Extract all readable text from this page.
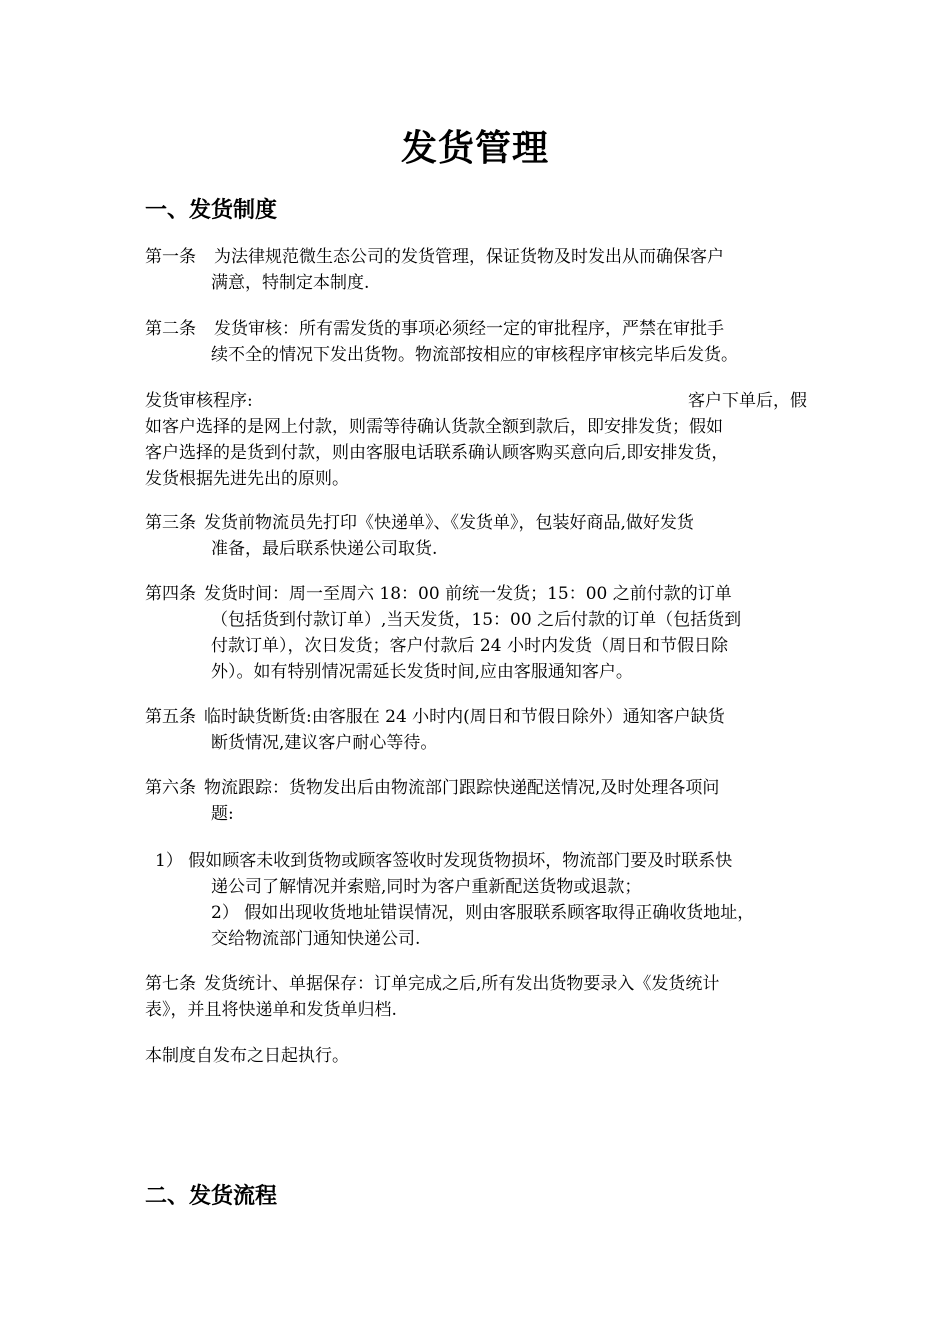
发货管理
一、发货制度
第一条 为法律规范微生态公司的发货管理，保证货物及时发出从而确保客户
满意，特制定本制度.
第二条 发货审核：所有需发货的事项必须经一定的审批程序，严禁在审批手
续不全的情况下发出货物。物流部按相应的审核程序审核完毕后发货。
发货审核程序:	客户下单后，假
如客户选择的是网上付款，则需等待确认货款全额到款后，即安排发货；假如
客户选择的是货到付款，则由客服电话联系确认顾客购买意向后,即安排发货，
发货根据先进先出的原则。
第三条 发货前物流员先打印《快递单》、《发货单》，包装好商品,做好发货
准备，最后联系快递公司取货.
第四条 发货时间：周一至周六 18：00 前统一发货；15：00 之前付款的订单
（包括货到付款订单）,当天发货，15：00 之后付款的订单（包括货到
付款订单），次日发货；客户付款后 24 小时内发货（周日和节假日除
外）。如有特别情况需延长发货时间,应由客服通知客户。
第五条 临时缺货断货:由客服在 24 小时内(周日和节假日除外）通知客户缺货
断货情况,建议客户耐心等待。
第六条 物流跟踪：货物发出后由物流部门跟踪快递配送情况,及时处理各项问
题:
1） 假如顾客未收到货物或顾客签收时发现货物损坏，物流部门要及时联系快
递公司了解情况并索赔,同时为客户重新配送货物或退款；
2） 假如出现收货地址错误情况，则由客服联系顾客取得正确收货地址，
交给物流部门通知快递公司.
第七条 发货统计、单据保存：订单完成之后,所有发出货物要录入《发货统计
表》，并且将快递单和发货单归档.
本制度自发布之日起执行。
二、发货流程
